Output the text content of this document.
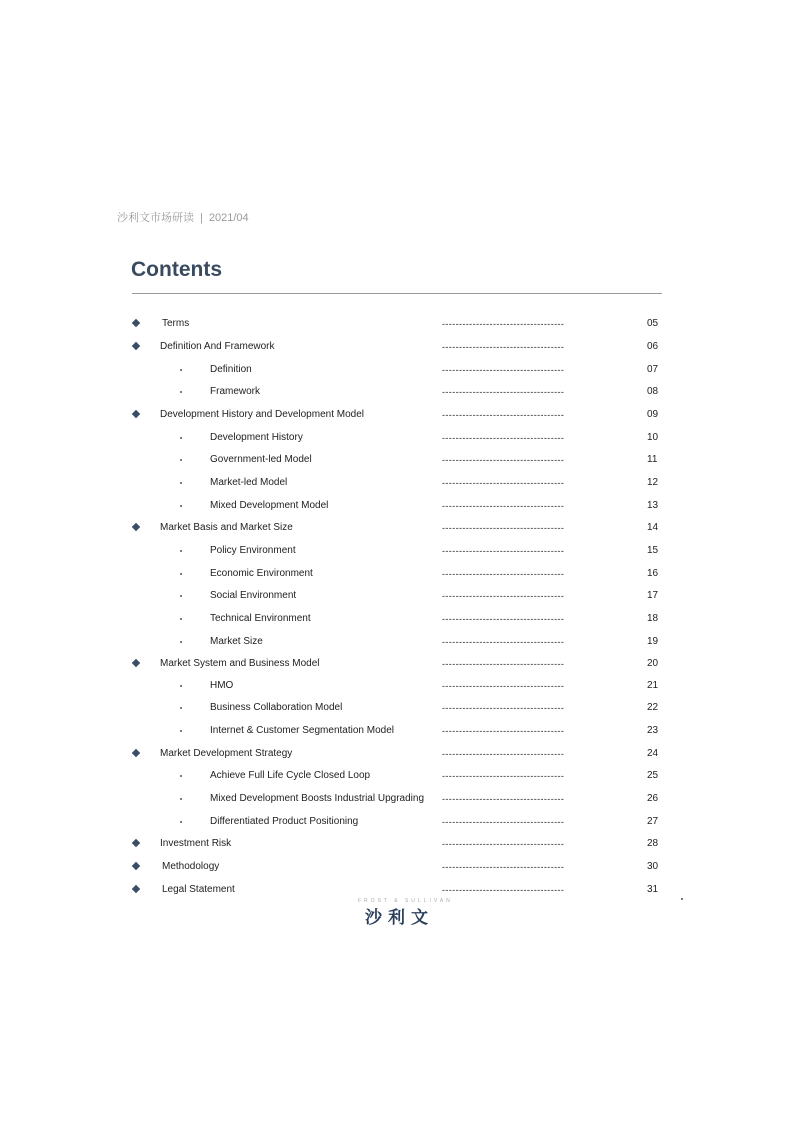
沙利文市场研读 | 2021/04
Contents
Terms	------------------------------------	05
Definition And Framework	------------------------------------	06
Definition	------------------------------------	07
Framework	------------------------------------	08
Development History and Development Model	------------------------------------	09
Development History	------------------------------------	10
Government-led Model	------------------------------------	11
Market-led Model	------------------------------------	12
Mixed Development Model	------------------------------------	13
Market Basis and Market Size	------------------------------------	14
Policy Environment	------------------------------------	15
Economic Environment	------------------------------------	16
Social Environment	------------------------------------	17
Technical Environment	------------------------------------	18
Market Size	------------------------------------	19
Market System and Business Model	------------------------------------	20
HMO	------------------------------------	21
Business Collaboration Model	------------------------------------	22
Internet & Customer Segmentation Model	------------------------------------	23
Market Development Strategy	------------------------------------	24
Achieve Full Life Cycle Closed Loop	------------------------------------	25
Mixed Development Boosts Industrial Upgrading ------------------------------------	26
Differentiated Product Positioning	------------------------------------	27
Investment Risk	------------------------------------	28
Methodology	------------------------------------	30
Legal Statement	------------------------------------	31
FROST & SULLIVAN
沙利文
